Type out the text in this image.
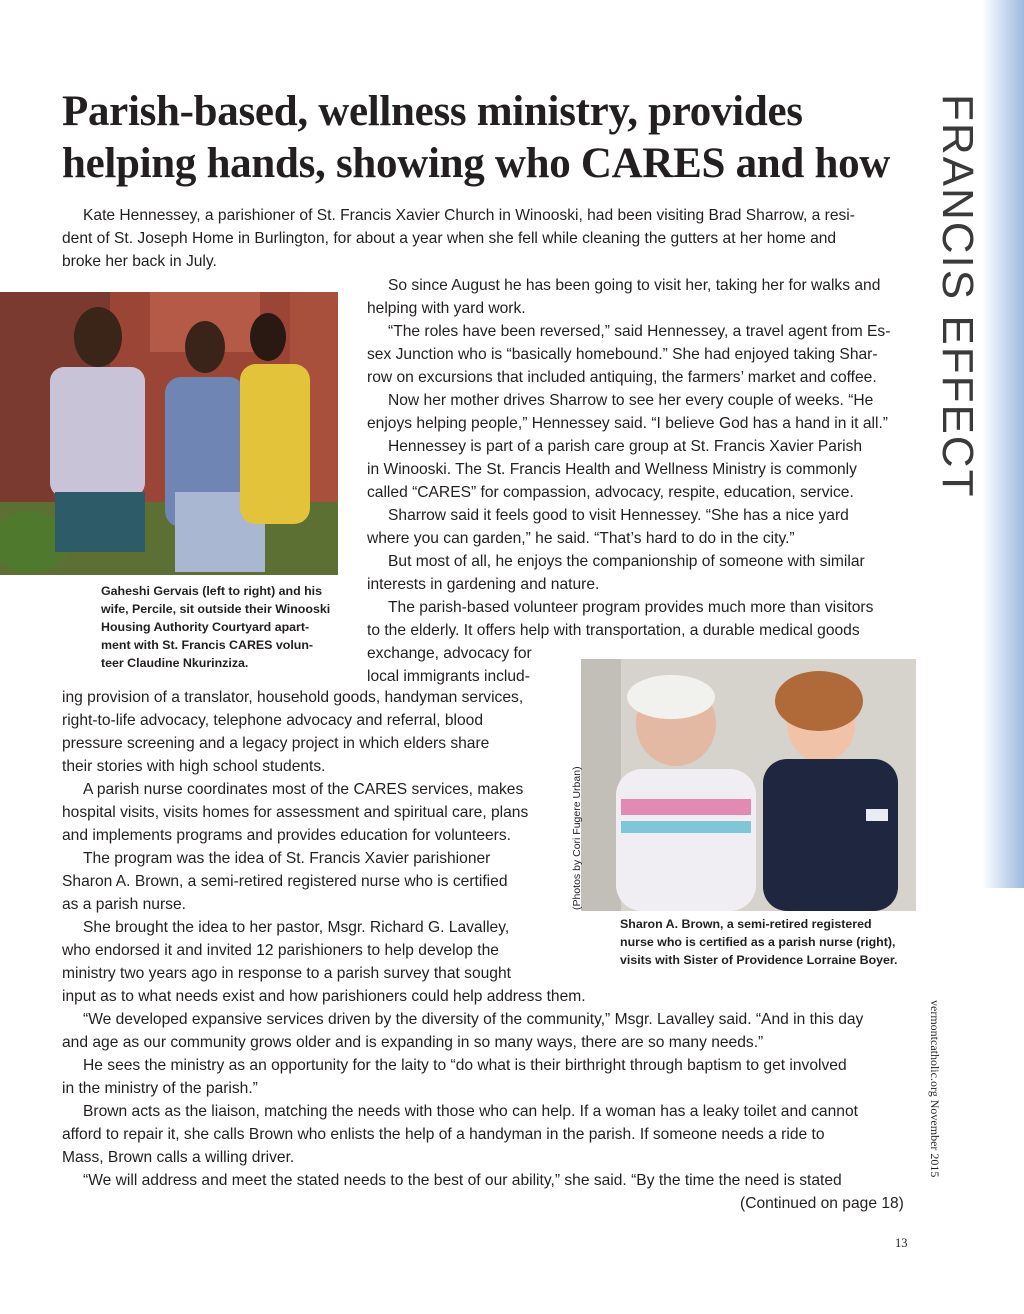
FRANCIS EFFECT
Parish-based, wellness ministry, provides helping hands, showing who CARES and how
Kate Hennessey, a parishioner of St. Francis Xavier Church in Winooski, had been visiting Brad Sharrow, a resi-
dent of St. Joseph Home in Burlington, for about a year when she fell while cleaning the gutters at her home and
broke her back in July.
Gaheshi Gervais (left to right) and his
wife, Percile, sit outside their Winooski
Housing Authority Courtyard apart-
ment with St. Francis CARES volun-
teer Claudine Nkurinziza.
So since August he has been going to visit her, taking her for walks and
helping with yard work.
“The roles have been reversed,” said Hennessey, a travel agent from Es-
sex Junction who is “basically homebound.” She had enjoyed taking Shar-
row on excursions that included antiquing, the farmers’ market and coffee.
Now her mother drives Sharrow to see her every couple of weeks. “He
enjoys helping people,” Hennessey said. “I believe God has a hand in it all.”
Hennessey is part of a parish care group at St. Francis Xavier Parish
in Winooski. The St. Francis Health and Wellness Ministry is commonly
called “CARES” for compassion, advocacy, respite, education, service.
Sharrow said it feels good to visit Hennessey. “She has a nice yard
where you can garden,” he said. “That’s hard to do in the city.”
But most of all, he enjoys the companionship of someone with similar
interests in gardening and nature.
The parish-based volunteer program provides much more than visitors
to the elderly. It offers help with transportation, a durable medical goods
exchange, advocacy for
local immigrants includ-
(Photos by Cori Fugere Urban)
Sharon A. Brown, a semi-retired registered
nurse who is certified as a parish nurse (right),
visits with Sister of Providence Lorraine Boyer.
ing provision of a translator, household goods, handyman services,
right-to-life advocacy, telephone advocacy and referral, blood
pressure screening and a legacy project in which elders share
their stories with high school students.
A parish nurse coordinates most of the CARES services, makes
hospital visits, visits homes for assessment and spiritual care, plans
and implements programs and provides education for volunteers.
The program was the idea of St. Francis Xavier parishioner
Sharon A. Brown, a semi-retired registered nurse who is certified
as a parish nurse.
She brought the idea to her pastor, Msgr. Richard G. Lavalley,
who endorsed it and invited 12 parishioners to help develop the
ministry two years ago in response to a parish survey that sought
input as to what needs exist and how parishioners could help address them.
“We developed expansive services driven by the diversity of the community,” Msgr. Lavalley said. “And in this day
and age as our community grows older and is expanding in so many ways, there are so many needs.”
He sees the ministry as an opportunity for the laity to “do what is their birthright through baptism to get involved
in the ministry of the parish.”
Brown acts as the liaison, matching the needs with those who can help. If a woman has a leaky toilet and cannot
afford to repair it, she calls Brown who enlists the help of a handyman in the parish. If someone needs a ride to
Mass, Brown calls a willing driver.
“We will address and meet the stated needs to the best of our ability,” she said. “By the time the need is stated
(Continued on page 18)
vermontcatholic.org November 2015
13
